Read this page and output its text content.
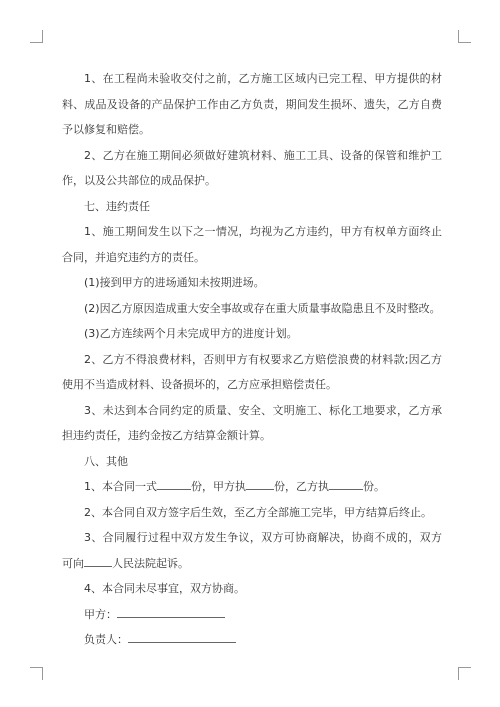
1、在工程尚未验收交付之前，乙方施工区域内已完工程、甲方提供的材料、成品及设备的产品保护工作由乙方负责，期间发生损坏、遗失，乙方自费予以修复和赔偿。

2、乙方在施工期间必须做好建筑材料、施工工具、设备的保管和维护工作，以及公共部位的成品保护。

七、违约责任

1、施工期间发生以下之一情况，均视为乙方违约，甲方有权单方面终止合同，并追究违约方的责任。

(1)接到甲方的进场通知未按期进场。

(2)因乙方原因造成重大安全事故或存在重大质量事故隐患且不及时整改。

(3)乙方连续两个月未完成甲方的进度计划。

2、乙方不得浪费材料，否则甲方有权要求乙方赔偿浪费的材料款;因乙方使用不当造成材料、设备损坏的，乙方应承担赔偿责任。

3、未达到本合同约定的质量、安全、文明施工、标化工地要求，乙方承担违约责任，违约金按乙方结算金额计算。

八、其他

1、本合同一式	份，甲方执	份，乙方执	份。

2、本合同自双方签字后生效，至乙方全部施工完毕，甲方结算后终止。

3、合同履行过程中双方发生争议，双方可协商解决，协商不成的，双方可向	人民法院起诉。

4、本合同未尽事宜，双方协商。

甲方：

负责人：
